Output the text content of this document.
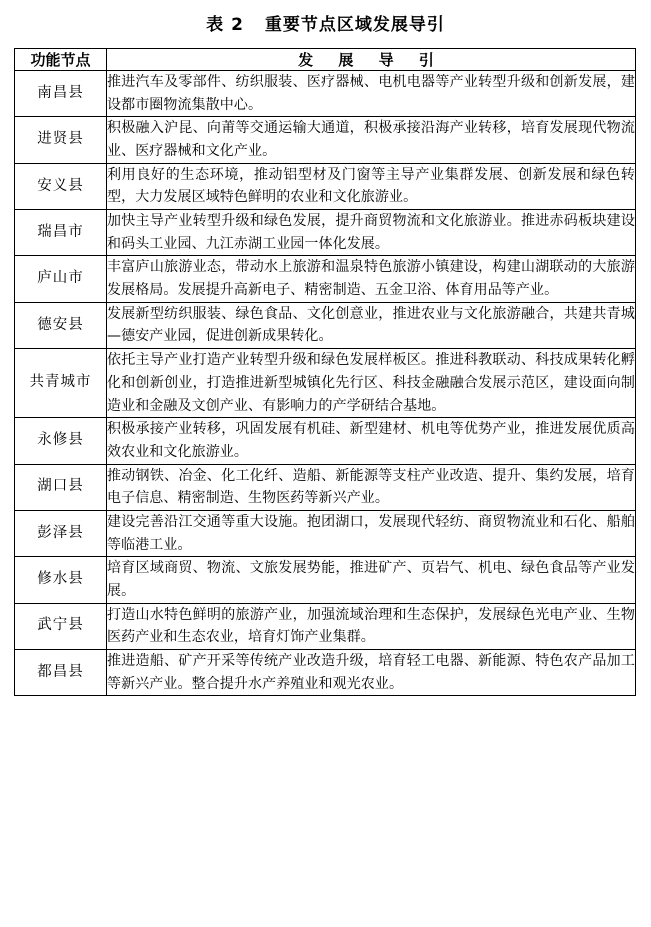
表 2 重要节点区域发展导引
功能节点	发 展 导 引
南昌县	推进汽车及零部件、纺织服装、医疗器械、电机电器等产业转型升级和创新发展，建设都市圈物流集散中心。
进贤县	积极融入沪昆、向莆等交通运输大通道，积极承接沿海产业转移，培育发展现代物流业、医疗器械和文化产业。
安义县	利用良好的生态环境，推动铝型材及门窗等主导产业集群发展、创新发展和绿色转型，大力发展区域特色鲜明的农业和文化旅游业。
瑞昌市	加快主导产业转型升级和绿色发展，提升商贸物流和文化旅游业。推进赤码板块建设和码头工业园、九江赤湖工业园一体化发展。
庐山市	丰富庐山旅游业态，带动水上旅游和温泉特色旅游小镇建设，构建山湖联动的大旅游发展格局。发展提升高新电子、精密制造、五金卫浴、体育用品等产业。
德安县	发展新型纺织服装、绿色食品、文化创意业，推进农业与文化旅游融合，共建共青城—德安产业园，促进创新成果转化。
共青城市	依托主导产业打造产业转型升级和绿色发展样板区。推进科教联动、科技成果转化孵化和创新创业，打造推进新型城镇化先行区、科技金融融合发展示范区，建设面向制造业和金融及文创产业、有影响力的产学研结合基地。
永修县	积极承接产业转移，巩固发展有机硅、新型建材、机电等优势产业，推进发展优质高效农业和文化旅游业。
湖口县	推动钢铁、冶金、化工化纤、造船、新能源等支柱产业改造、提升、集约发展，培育电子信息、精密制造、生物医药等新兴产业。
彭泽县	建设完善沿江交通等重大设施。抱团湖口，发展现代轻纺、商贸物流业和石化、船舶等临港工业。
修水县	培育区域商贸、物流、文旅发展势能，推进矿产、页岩气、机电、绿色食品等产业发展。
武宁县	打造山水特色鲜明的旅游产业，加强流域治理和生态保护，发展绿色光电产业、生物医药产业和生态农业，培育灯饰产业集群。
都昌县	推进造船、矿产开采等传统产业改造升级，培育轻工电器、新能源、特色农产品加工等新兴产业。整合提升水产养殖业和观光农业。
